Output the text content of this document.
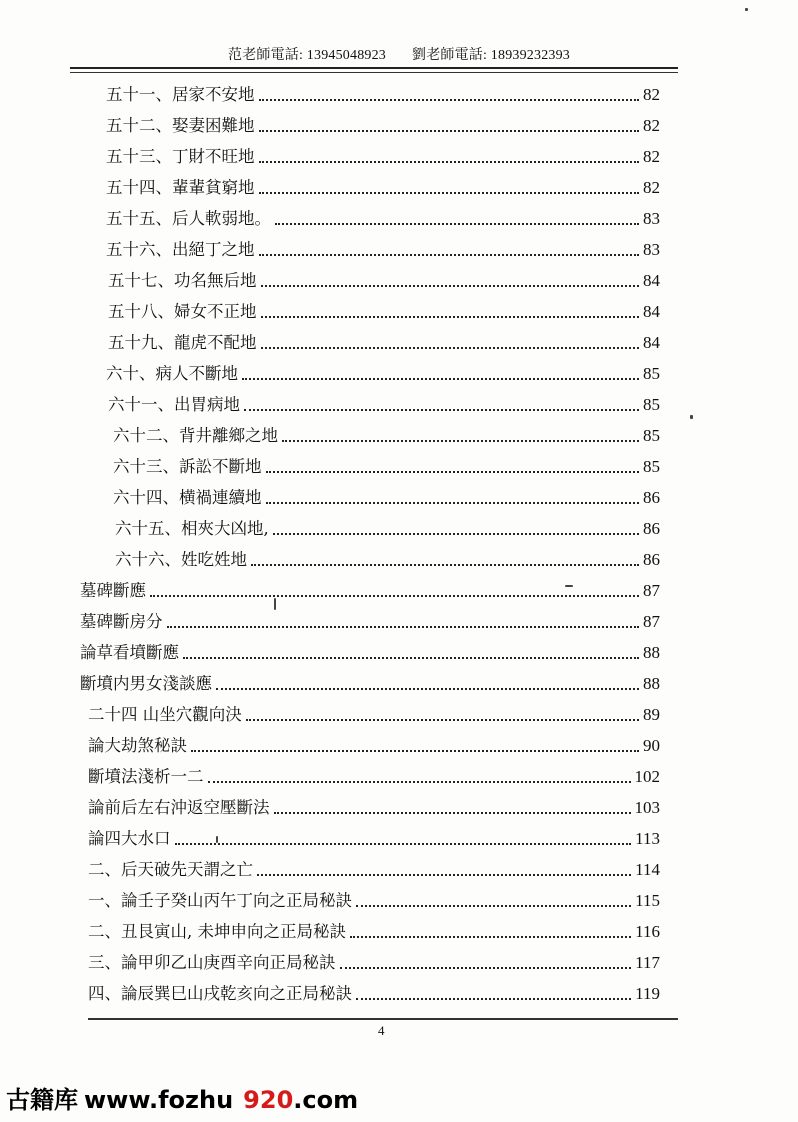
范老師電話: 13945048923 劉老師電話: 18939232393
五十一、居家不安地	82
五十二、娶妻困難地	82
五十三、丁財不旺地	82
五十四、輩輩貧窮地	82
五十五、后人軟弱地。	83
五十六、出絕丁之地	83
五十七、功名無后地	84
五十八、婦女不正地	84
五十九、龍虎不配地	84
六十、病人不斷地	85
六十一、出胃病地	85
六十二、背井離鄉之地	85
六十三、訴訟不斷地	85
六十四、横禍連續地	86
六十五、相夾大凶地,	86
六十六、姓吃姓地	86
墓碑斷應	87
墓碑斷房分	87
論草看墳斷應	88
斷墳内男女淺談應	88
二十四 山坐穴觀向決	89
論大劫煞秘訣	90
斷墳法淺析一二	102
論前后左右沖返空壓斷法	103
論四大水口	113
二、后天破先天謂之亡	114
一、論壬子癸山丙午丁向之正局秘訣	115
二、丑艮寅山, 未坤申向之正局秘訣	116
三、論甲卯乙山庚酉辛向正局秘訣	117
四、論辰巽巳山戌乾亥向之正局秘訣	119
4
古籍库 www.fozhu 920.com
